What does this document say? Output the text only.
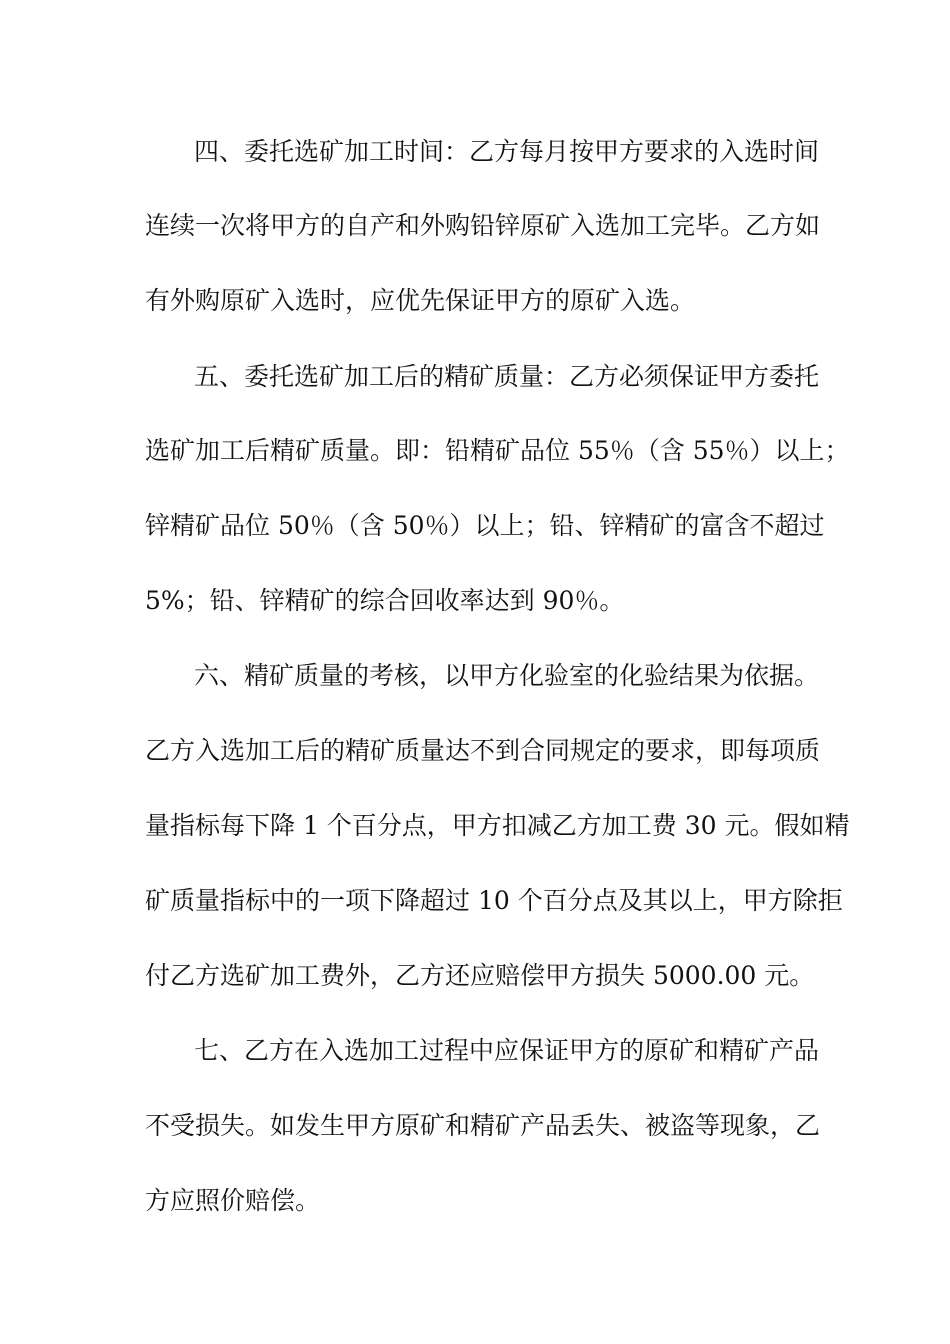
四、委托选矿加工时间：乙方每月按甲方要求的入选时间
连续一次将甲方的自产和外购铅锌原矿入选加工完毕。乙方如
有外购原矿入选时，应优先保证甲方的原矿入选。
五、委托选矿加工后的精矿质量：乙方必须保证甲方委托
选矿加工后精矿质量。即：铅精矿品位 55％（含 55％）以上；
锌精矿品位 50％（含 50％）以上；铅、锌精矿的富含不超过
5%；铅、锌精矿的综合回收率达到 90％。
六、精矿质量的考核，以甲方化验室的化验结果为依据。
乙方入选加工后的精矿质量达不到合同规定的要求，即每项质
量指标每下降 1 个百分点，甲方扣减乙方加工费 30 元。假如精
矿质量指标中的一项下降超过 10 个百分点及其以上，甲方除拒
付乙方选矿加工费外，乙方还应赔偿甲方损失 5000.00 元。
七、乙方在入选加工过程中应保证甲方的原矿和精矿产品
不受损失。如发生甲方原矿和精矿产品丢失、被盗等现象，乙
方应照价赔偿。
